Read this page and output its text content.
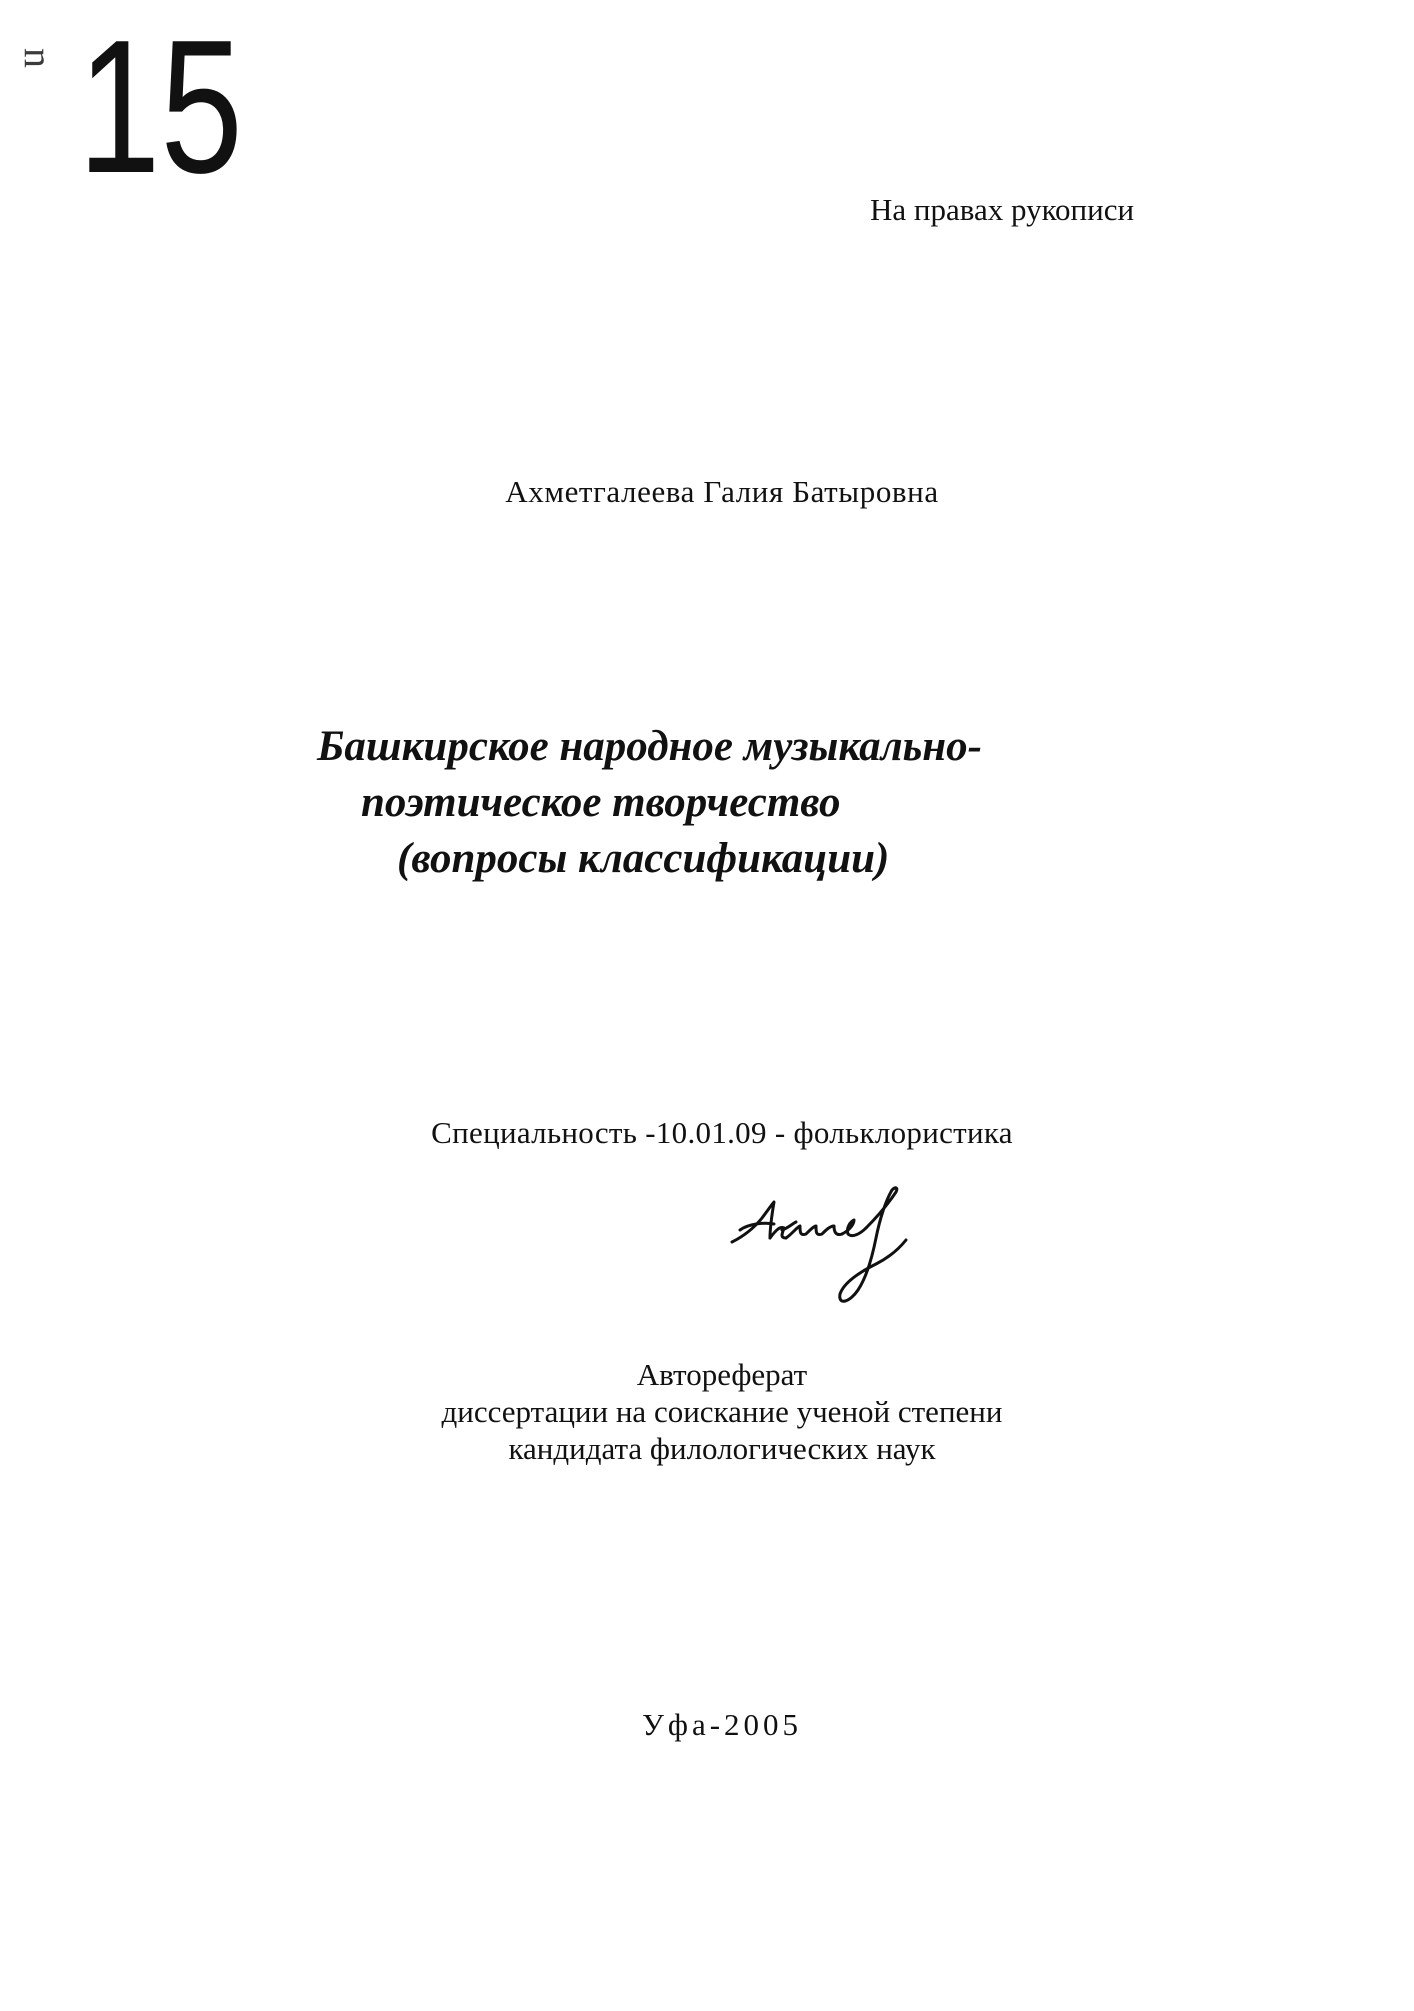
n 15	На правах рукописи
Ахметгалеева Галия Батыровна
Башкирское народное музыкально-
поэтическое творчество
(вопросы классификации)
Специальность -10.01.09 - фольклористика
Автореферат
диссертации на соискание ученой степени
кандидата филологических наук
Уфа-2005
